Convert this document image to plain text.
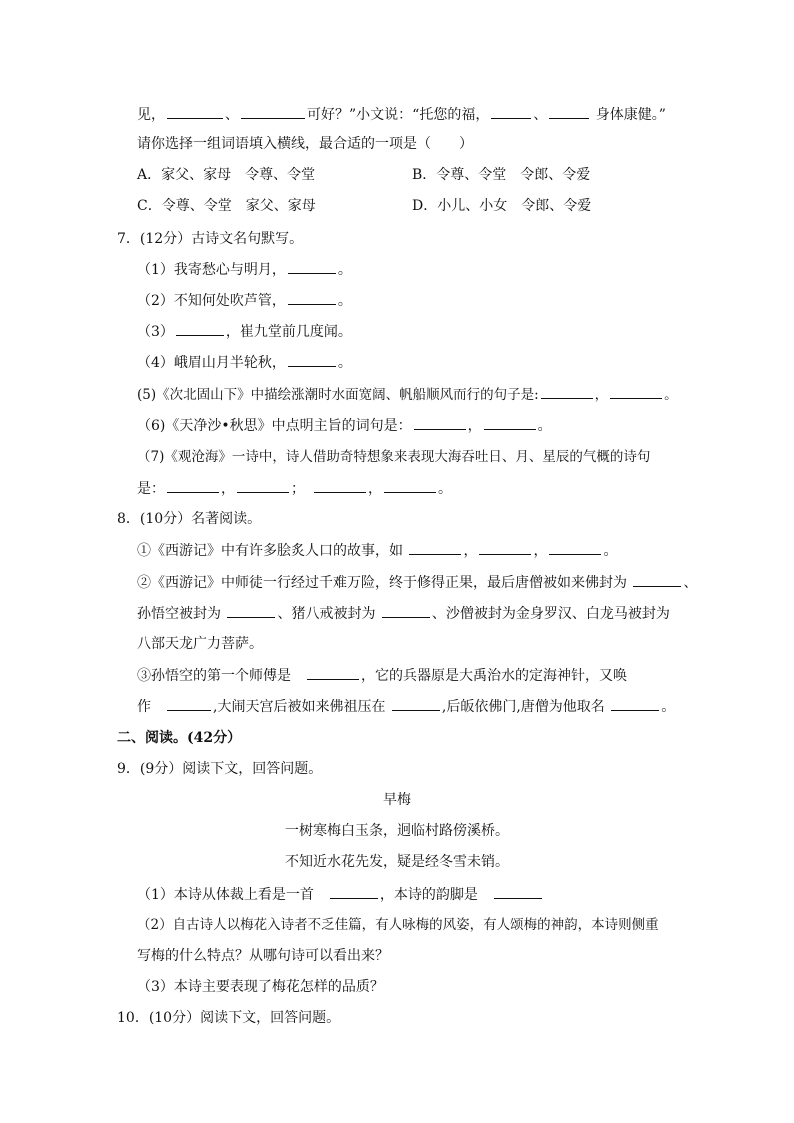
见，	、	可好？”小文说：“托您的福，	、	身体康健。”
请你选择一组词语填入横线，最合适的一项是（　　）
A．家父、家母　令尊、令堂	B．令尊、令堂　令郎、令爱
C．令尊、令堂　家父、家母	D．小儿、小女　令郎、令爱
7．(12分）古诗文名句默写。
（1）我寄愁心与明月，	。
（2）不知何处吹芦管，	。
（3）	，崔九堂前几度闻。
（4）峨眉山月半轮秋，	。
(5)《次北固山下》中描绘涨潮时水面宽阔、帆船顺风而行的句子是:	，	。
（6)《天净沙•秋思》中点明主旨的词句是：	，	。
（7)《观沧海》一诗中，诗人借助奇特想象来表现大海吞吐日、月、星辰的气概的诗句
是：	，	；　	，	。
8．(10分）名著阅读。
①《西游记》中有许多脍炙人口的故事，如	，	，	。
②《西游记》中师徒一行经过千难万险，终于修得正果，最后唐僧被如来佛封为	、
孙悟空被封为	、猪八戒被封为	、沙僧被封为金身罗汉、白龙马被封为
八部天龙广力菩萨。
③孙悟空的第一个师傅是　	，它的兵器原是大禹治水的定海神针，又唤
作　	,大闹天宫后被如来佛祖压在	,后皈依佛门,唐僧为他取名	。
二、阅读。(42分）
9．(9分）阅读下文，回答问题。
早梅
一树寒梅白玉条，迥临村路傍溪桥。
不知近水花先发，疑是经冬雪未销。
（1）本诗从体裁上看是一首　	，本诗的韵脚是　
（2）自古诗人以梅花入诗者不乏佳篇，有人咏梅的风姿，有人颂梅的神韵，本诗则侧重
写梅的什么特点？从哪句诗可以看出来？
（3）本诗主要表现了梅花怎样的品质？
10．(10分）阅读下文，回答问题。
